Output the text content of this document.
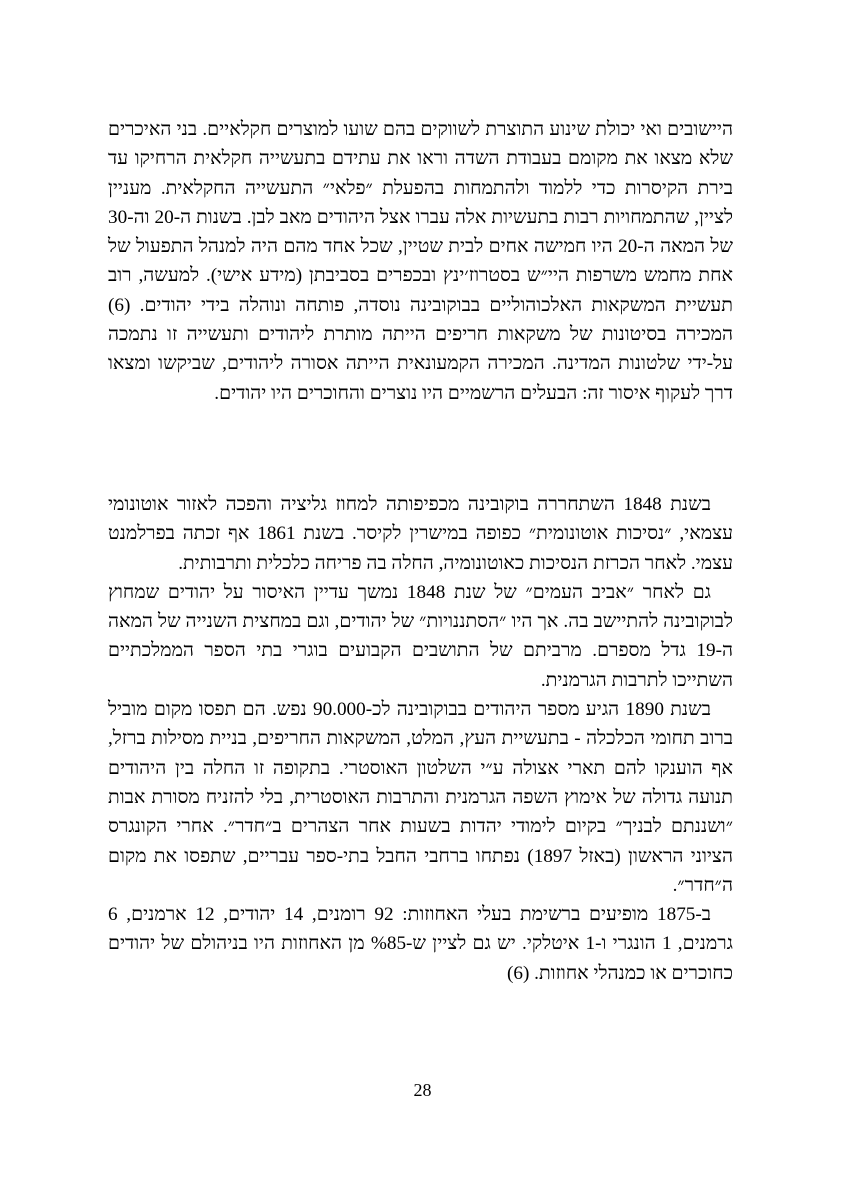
היישובים ואי יכולת שינוע התוצרת לשווקים בהם שועו למוצרים חקלאיים. בני האיכרים שלא מצאו את מקומם בעבודת השדה וראו את עתידם בתעשייה חקלאית הרחיקו עד בירת הקיסרות כדי ללמוד ולהתמחות בהפעלת ״פלאי״ התעשייה החקלאית. מעניין לציין, שהתמחויות רבות בתעשיות אלה עברו אצל היהודים מאב לבן. בשנות ה-20 וה-30 של המאה ה-20 היו חמישה אחים לבית שטיין, שכל אחד מהם היה למנהל התפעול של אחת מחמש משרפות היי״ש בסטרוז׳ינץ ובכפרים בסביבתן (מידע אישי). למעשה, רוב תעשיית המשקאות האלכוהוליים בבוקובינה נוסדה, פותחה ונוהלה בידי יהודים. (6) המכירה בסיטונות של משקאות חריפים הייתה מותרת ליהודים ותעשייה זו נתמכה על-ידי שלטונות המדינה. המכירה הקמעונאית הייתה אסורה ליהודים, שביקשו ומצאו דרך לעקוף איסור זה: הבעלים הרשמיים היו נוצרים והחוכרים היו יהודים.

בשנת 1848 השתחררה בוקובינה מכפיפותה למחוז גליציה והפכה לאזור אוטונומי עצמאי, ״נסיכות אוטונומית״ כפופה במישרין לקיסר. בשנת 1861 אף זכתה בפרלמנט עצמי. לאחר הכרזת הנסיכות כאוטונומיה, החלה בה פריחה כלכלית ותרבותית.

גם לאחר ״אביב העמים״ של שנת 1848 נמשך עדיין האיסור על יהודים שמחוץ לבוקובינה להתיישב בה. אך היו ״הסתננויות״ של יהודים, וגם במחצית השנייה של המאה ה-19 גדל מספרם. מרביתם של התושבים הקבועים בוגרי בתי הספר הממלכתיים השתייכו לתרבות הגרמנית.

בשנת 1890 הגיע מספר היהודים בבוקובינה לכ-90.000 נפש. הם תפסו מקום מוביל ברוב תחומי הכלכלה - בתעשיית העץ, המלט, המשקאות החריפים, בניית מסילות ברזל, אף הוענקו להם תארי אצולה ע״י השלטון האוסטרי. בתקופה זו החלה בין היהודים תנועה גדולה של אימוץ השפה הגרמנית והתרבות האוסטרית, בלי להזניח מסורת אבות ״ושננתם לבניך״ בקיום לימודי יהדות בשעות אחר הצהרים ב״חדר״. אחרי הקונגרס הציוני הראשון (באזל 1897) נפתחו ברחבי החבל בתי-ספר עבריים, שתפסו את מקום ה״חדר״.

ב-1875 מופיעים ברשימת בעלי האחוזות: 92 רומנים, 14 יהודים, 12 ארמנים, 6 גרמנים, 1 הונגרי ו-1 איטלקי. יש גם לציין ש-%85 מן האחוזות היו בניהולם של יהודים כחוכרים או כמנהלי אחוזות. (6)

28
